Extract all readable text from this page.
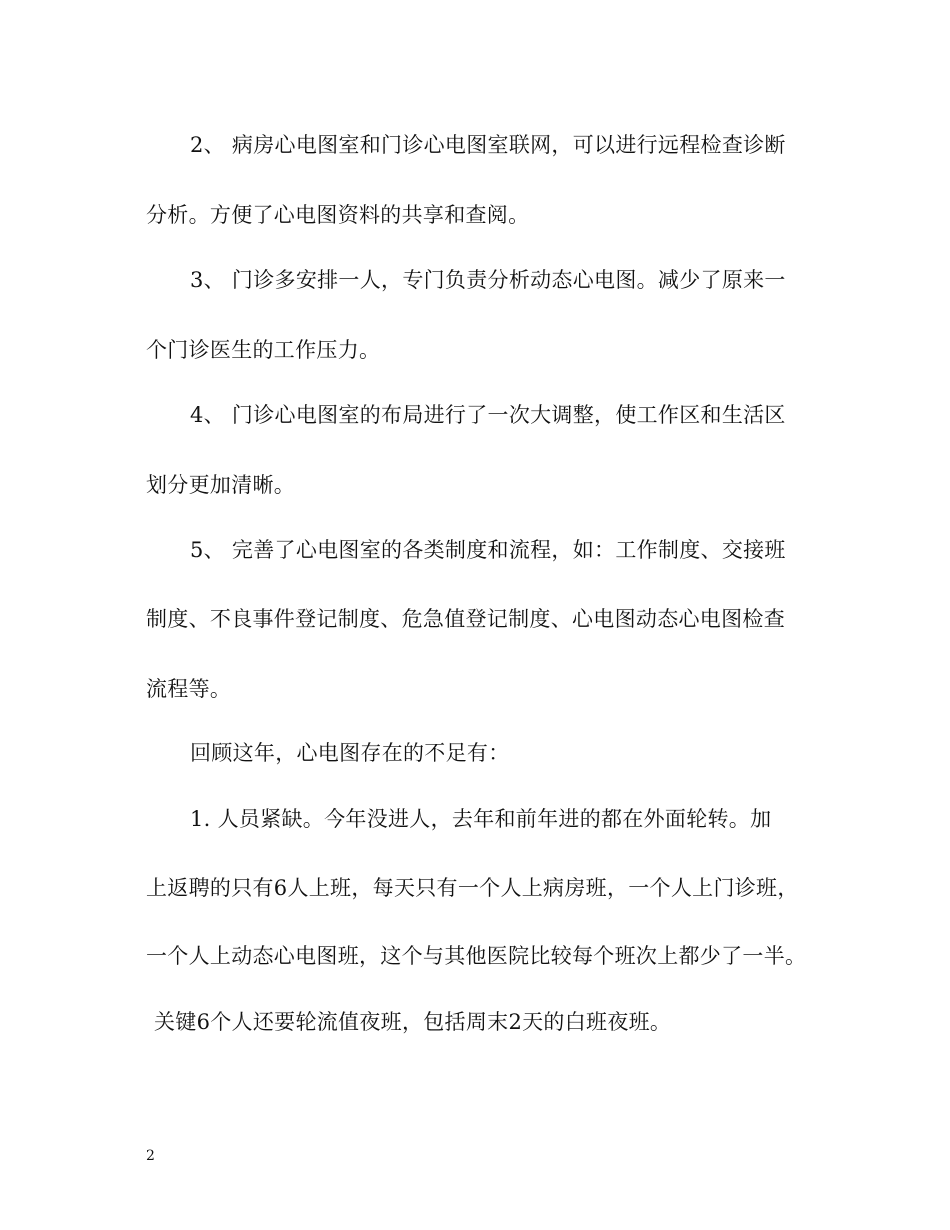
2、 病房心电图室和门诊心电图室联网，可以进行远程检查诊断
分析。方便了心电图资料的共享和查阅。
3、 门诊多安排一人，专门负责分析动态心电图。减少了原来一
个门诊医生的工作压力。
4、 门诊心电图室的布局进行了一次大调整，使工作区和生活区
划分更加清晰。
5、 完善了心电图室的各类制度和流程，如：工作制度、交接班
制度、不良事件登记制度、危急值登记制度、心电图动态心电图检查
流程等。
回顾这年，心电图存在的不足有：
1. 人员紧缺。今年没进人，去年和前年进的都在外面轮转。加
上返聘的只有6人上班，每天只有一个人上病房班，一个人上门诊班，
一个人上动态心电图班，这个与其他医院比较每个班次上都少了一半。
关键6个人还要轮流值夜班，包括周末2天的白班夜班。
2
